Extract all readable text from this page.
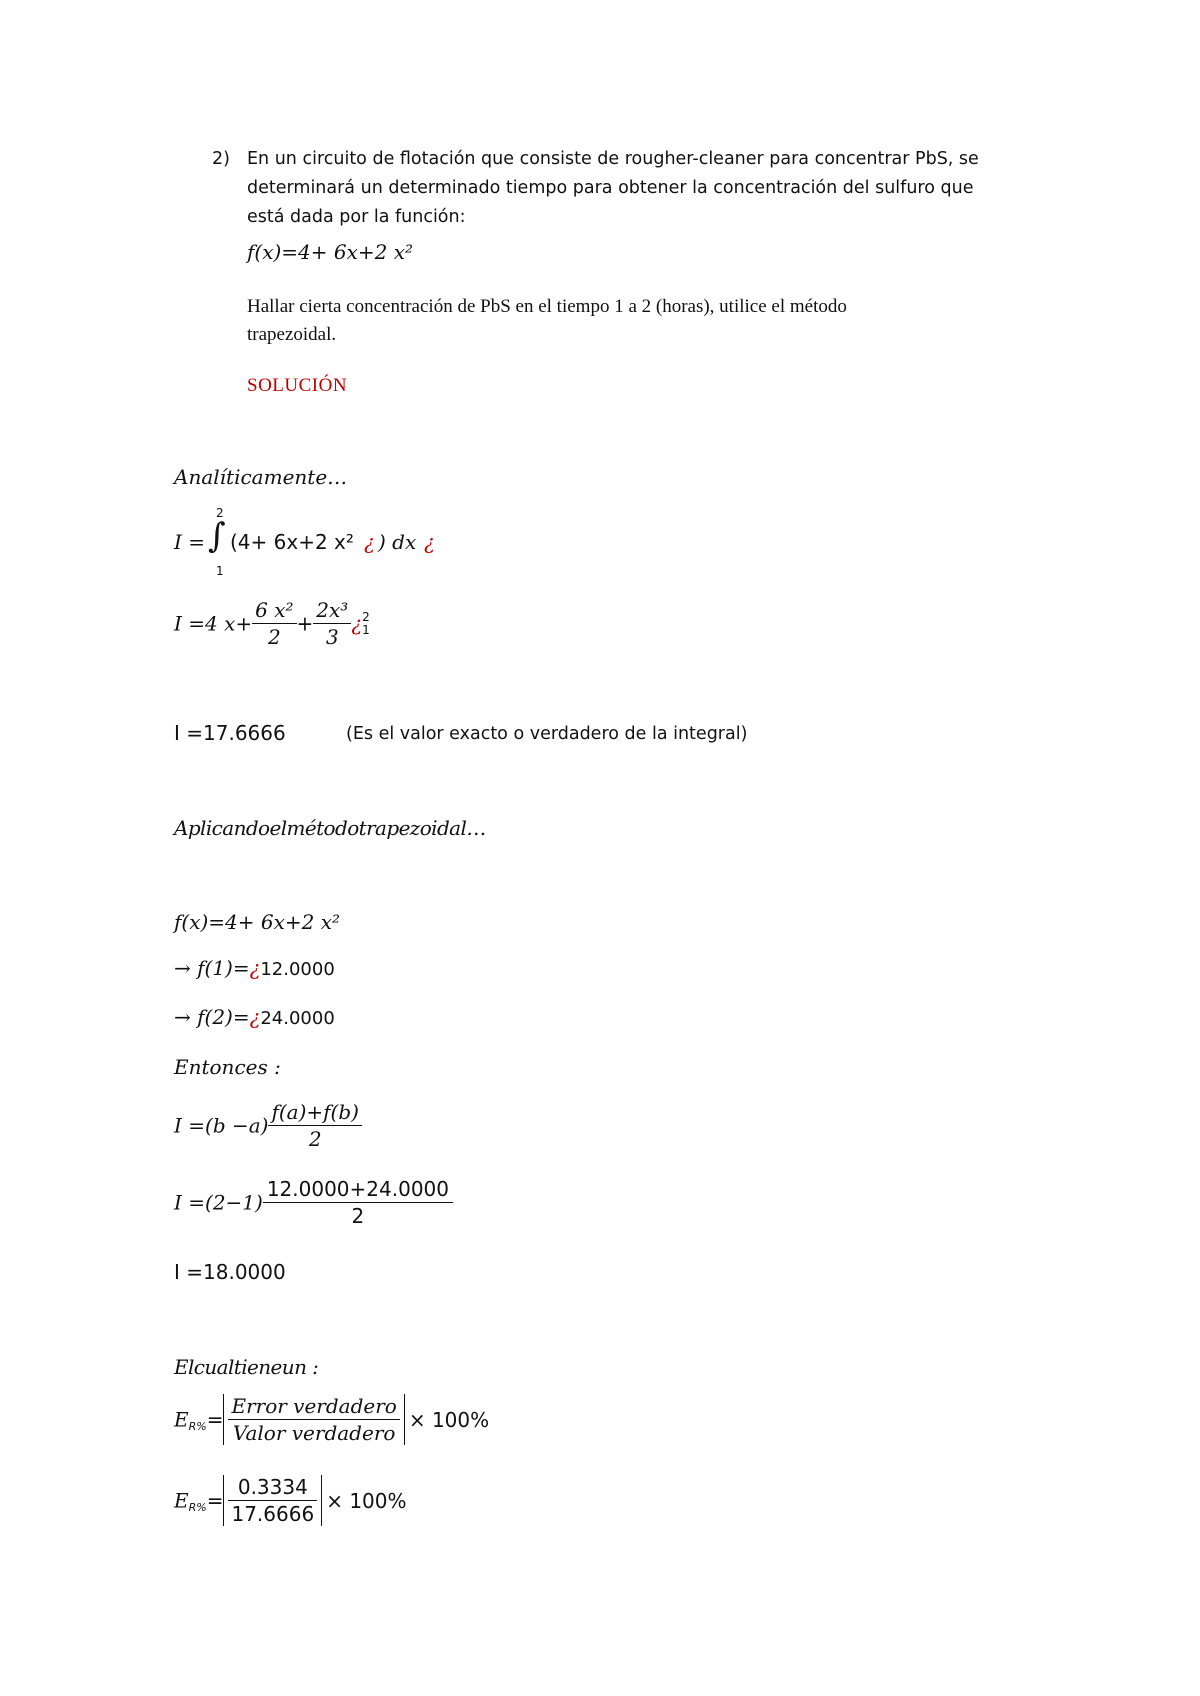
2) En un circuito de flotación que consiste de rougher-cleaner para concentrar PbS, se
determinará un determinado tiempo para obtener la concentración del sulfuro que
está dada por la función:
f(x)=4+ 6x+2 x²
Hallar cierta concentración de PbS en el tiempo 1 a 2 (horas), utilice el método
trapezoidal.
SOLUCIÓN
Analíticamente…
I =
2
∫
1
(4+ 6x+2 x² ¿ ) dx ¿
I =4 $x+ \frac{\text{6 x²}}{2} + \frac{\text{2x³}}{3}$ ¿ 2
1
I =17.6666	(Es el valor exacto o verdadero de la integral)
Aplicandoelmétodotrapezoidal…
f(x)=4+ 6x+2 x²
→ f(1)=¿12.0000
→ f(2)=¿24.0000
Entonces :
$I =(b -a) \frac{f(a)+f(b)}{2}$
$I =(2-1) \frac{12.0000+24.0000}{2}$
I =18.0000
Elcualtieneun :
$E_{R\%}= \frac{\text{Error verdadero}}{\text{Valor verdadero}} \times 100\%$
$E_{R\%}= \frac{0.3334}{17.6666} \times 100\%$
